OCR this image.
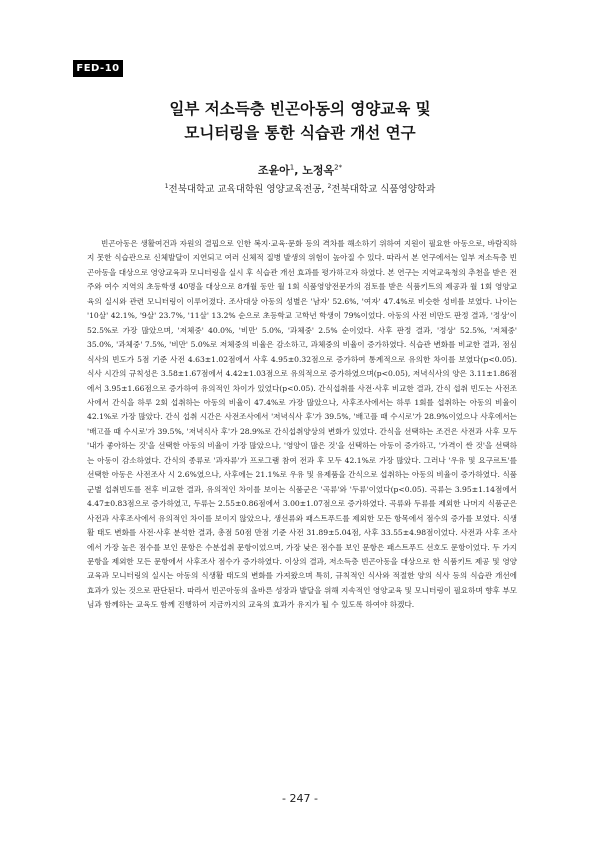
FED-10
일부 저소득층 빈곤아동의 영양교육 및
모니터링을 통한 식습관 개선 연구
조윤아$^1$, 노정옥$^{2*}$
$^1$전북대학교 교육대학원 영양교육전공, $^2$전북대학교 식품영양학과

빈곤아동은 생활여건과 자원의 결핍으로 인한 복지·교육·문화 등의 격차를 해소하기 위하여 지원이 필요한 아동으로, 바람직하지 못한 식습관으로 신체발달이 지연되고 여러 신체적 질병 발생의 위험이 높아질 수 있다. 따라서 본 연구에서는 일부 저소득층 빈곤아동을 대상으로 영양교육과 모니터링을 실시 후 식습관 개선 효과를 평가하고자 하였다. 본 연구는 지역교육청의 추천을 받은 전주와 여수 지역의 초등학생 40명을 대상으로 8개월 동안 월 1회 식품영양전문가의 검토를 받은 식품키트의 제공과 월 1회 영양교육의 실시와 관련 모니터링이 이루어졌다. 조사대상 아동의 성별은 '남자' 52.6%, '여자' 47.4%로 비슷한 성비를 보였다. 나이는 '10살' 42.1%, '9살' 23.7%, '11살' 13.2% 순으로 초등학교 고학년 학생이 79%이었다. 아동의 사전 비만도 판정 결과, '정상'이 52.5%로 가장 많았으며, '저체중' 40.0%, '비만' 5.0%, '과체중' 2.5% 순이었다. 사후 판정 결과, '정상' 52.5%, '저체중' 35.0%, '과체중' 7.5%, '비만' 5.0%로 저체중의 비율은 감소하고, 과체중의 비율이 증가하였다. 식습관 변화를 비교한 결과, 점심식사의 빈도가 5점 기준 사전 4.63±1.02점에서 사후 4.95±0.32점으로 증가하여 통계적으로 유의한 차이를 보였다(p<0.05). 식사 시간의 규칙성은 3.58±1.67점에서 4.42±1.03점으로 유의적으로 증가하였으며(p<0.05), 저녁식사의 양은 3.11±1.86점에서 3.95±1.66점으로 증가하여 유의적인 차이가 있었다(p<0.05). 간식섭취를 사전·사후 비교한 결과, 간식 섭취 빈도는 사전조사에서 간식을 하루 2회 섭취하는 아동의 비율이 47.4%로 가장 많았으나, 사후조사에서는 하루 1회를 섭취하는 아동의 비율이 42.1%로 가장 많았다. 간식 섭취 시간은 사전조사에서 '저녁식사 후'가 39.5%, '배고플 때 수시로'가 28.9%이었으나 사후에서는 '배고플 때 수시로'가 39.5%, '저녁식사 후'가 28.9%로 간식섭취양상의 변화가 있었다. 간식을 선택하는 조건은 사전과 사후 모두 '내가 좋아하는 것'을 선택한 아동의 비율이 가장 많았으나, '영양이 많은 것'을 선택하는 아동이 증가하고, '가격이 싼 것'을 선택하는 아동이 감소하였다. 간식의 종류로 '과자류'가 프로그램 참여 전과 후 모두 42.1%로 가장 많았다. 그러나 '우유 및 요구르트'를 선택한 아동은 사전조사 시 2.6%였으나, 사후에는 21.1%로 우유 및 유제품을 간식으로 섭취하는 아동의 비율이 증가하였다. 식품군별 섭취빈도를 전후 비교한 결과, 유의적인 차이를 보이는 식품군은 '곡류'와 '두류'이었다(p<0.05). 곡류는 3.95±1.14점에서 4.47±0.83점으로 증가하였고, 두류는 2.55±0.86점에서 3.00±1.07점으로 증가하였다. 곡류와 두류를 제외한 나머지 식품군은 사전과 사후조사에서 유의적인 차이를 보이지 않았으나, 생선류와 패스트푸드를 제외한 모든 항목에서 점수의 증가를 보였다. 식생활 태도 변화를 사전·사후 분석한 결과, 총점 50점 만점 기준 사전 31.89±5.04점, 사후 33.55±4.98점이었다. 사전과 사후 조사에서 가장 높은 점수를 보인 문항은 수분섭취 문항이었으며, 가장 낮은 점수를 보인 문항은 패스트푸드 선호도 문항이었다. 두 가지 문항을 제외한 모든 문항에서 사후조사 점수가 증가하였다. 이상의 결과, 저소득층 빈곤아동을 대상으로 한 식품키트 제공 및 영양교육과 모니터링의 실시는 아동의 식생활 태도의 변화를 가져왔으며 특히, 규칙적인 식사와 적절한 양의 식사 등의 식습관 개선에 효과가 있는 것으로 판단된다. 따라서 빈곤아동의 올바른 성장과 발달을 위해 지속적인 영양교육 및 모니터링이 필요하며 향후 부모님과 함께하는 교육도 함께 진행하여 지금까지의 교육의 효과가 유지가 될 수 있도록 하여야 하겠다.

- 247 -
